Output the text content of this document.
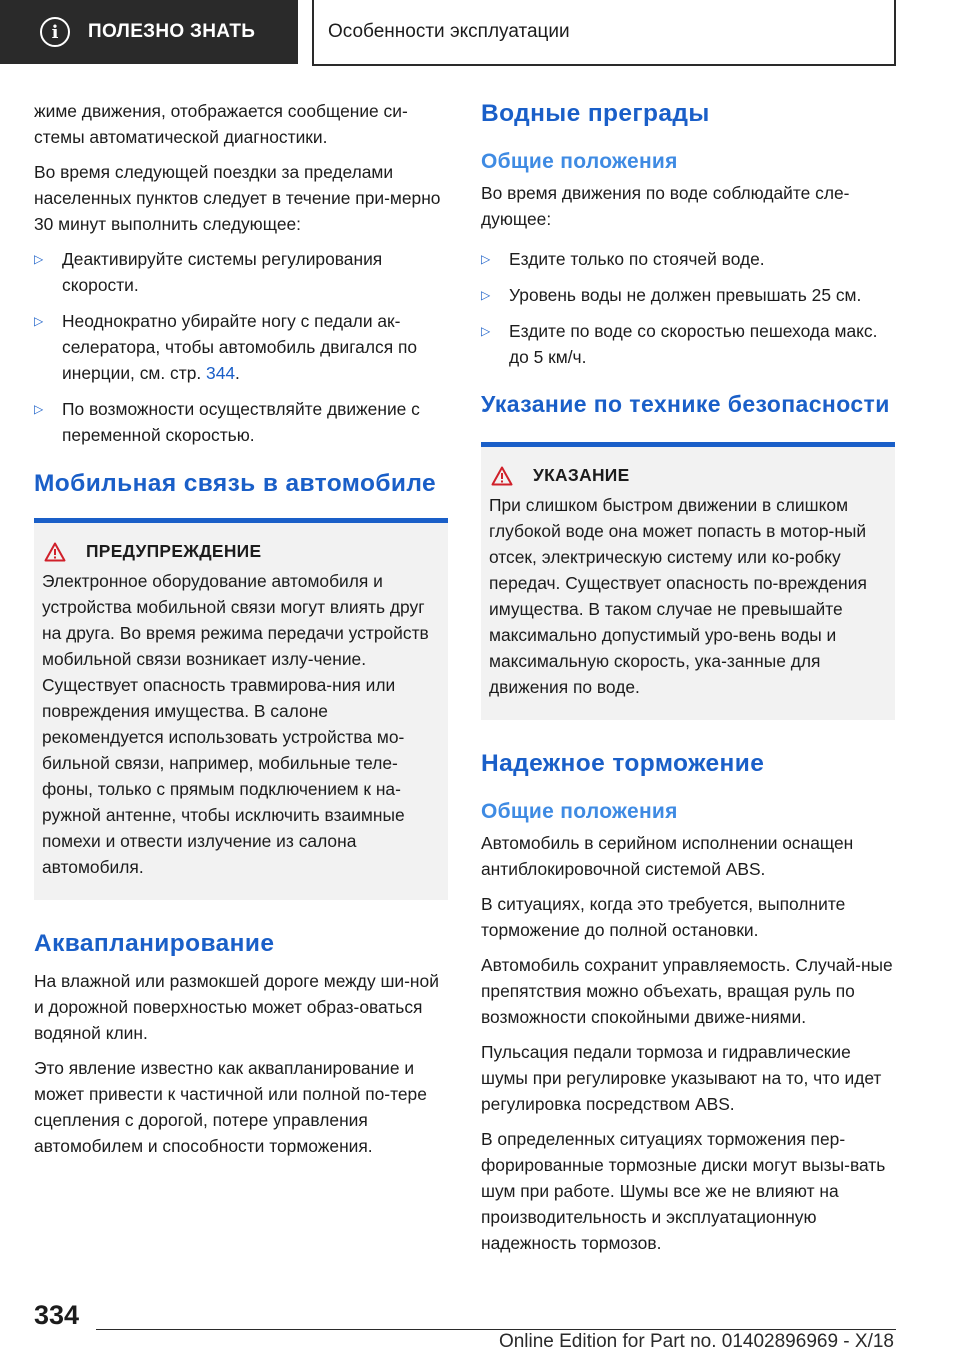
i	ПОЛЕЗНО ЗНАТЬ	Особенности эксплуатации

жиме движения, отображается сообщение си-стемы автоматической диагностики.

Во время следующей поездки за пределами населенных пунктов следует в течение при-мерно 30 минут выполнить следующее:

▷ Деактивируйте системы регулирования скорости.
▷ Неоднократно убирайте ногу с педали ак-селератора, чтобы автомобиль двигался по инерции, см. стр. 344.
▷ По возможности осуществляйте движение с переменной скоростью.
Мобильная связь в автомобиле
ПРЕДУПРЕЖДЕНИЕ

Электронное оборудование автомобиля и устройства мобильной связи могут влиять друг на друга. Во время режима передачи устройств мобильной связи возникает излу-чение. Существует опасность травмирова-ния или повреждения имущества. В салоне рекомендуется использовать устройства мо-бильной связи, например, мобильные теле-фоны, только с прямым подключением к на-ружной антенне, чтобы исключить взаимные помехи и отвести излучение из салона автомобиля.

Аквапланирование

На влажной или размокшей дороге между ши-ной и дорожной поверхностью может образ-оваться водяной клин.

Это явление известно как аквапланирование и может привести к частичной или полной по-тере сцепления с дорогой, потере управления автомобилем и способности торможения.

Водные преграды
Общие положения

Во время движения по воде соблюдайте сле-дующее:

▷ Ездите только по стоячей воде.
▷ Уровень воды не должен превышать 25 см.
▷ Ездите по воде со скоростью пешехода макс. до 5 км/ч.
Указание по технике безопасности
УКАЗАНИЕ

При слишком быстром движении в слишком глубокой воде она может попасть в мотор-ный отсек, электрическую систему или ко-робку передач. Существует опасность по-вреждения имущества. В таком случае не превышайте максимально допустимый уро-вень воды и максимальную скорость, ука-занные для движения по воде.

Надежное торможение
Общие положения

Автомобиль в серийном исполнении оснащен антиблокировочной системой ABS.

В ситуациях, когда это требуется, выполните торможение до полной остановки.

Автомобиль сохранит управляемость. Случай-ные препятствия можно объехать, вращая руль по возможности спокойными движе-ниями.

Пульсация педали тормоза и гидравлические шумы при регулировке указывают на то, что идет регулировка посредством ABS.

В определенных ситуациях торможения пер-форированные тормозные диски могут вызы-вать шум при работе. Шумы все же не влияют на производительность и эксплуатационную надежность тормозов.

334
Online Edition for Part no. 01402896969 - X/18
